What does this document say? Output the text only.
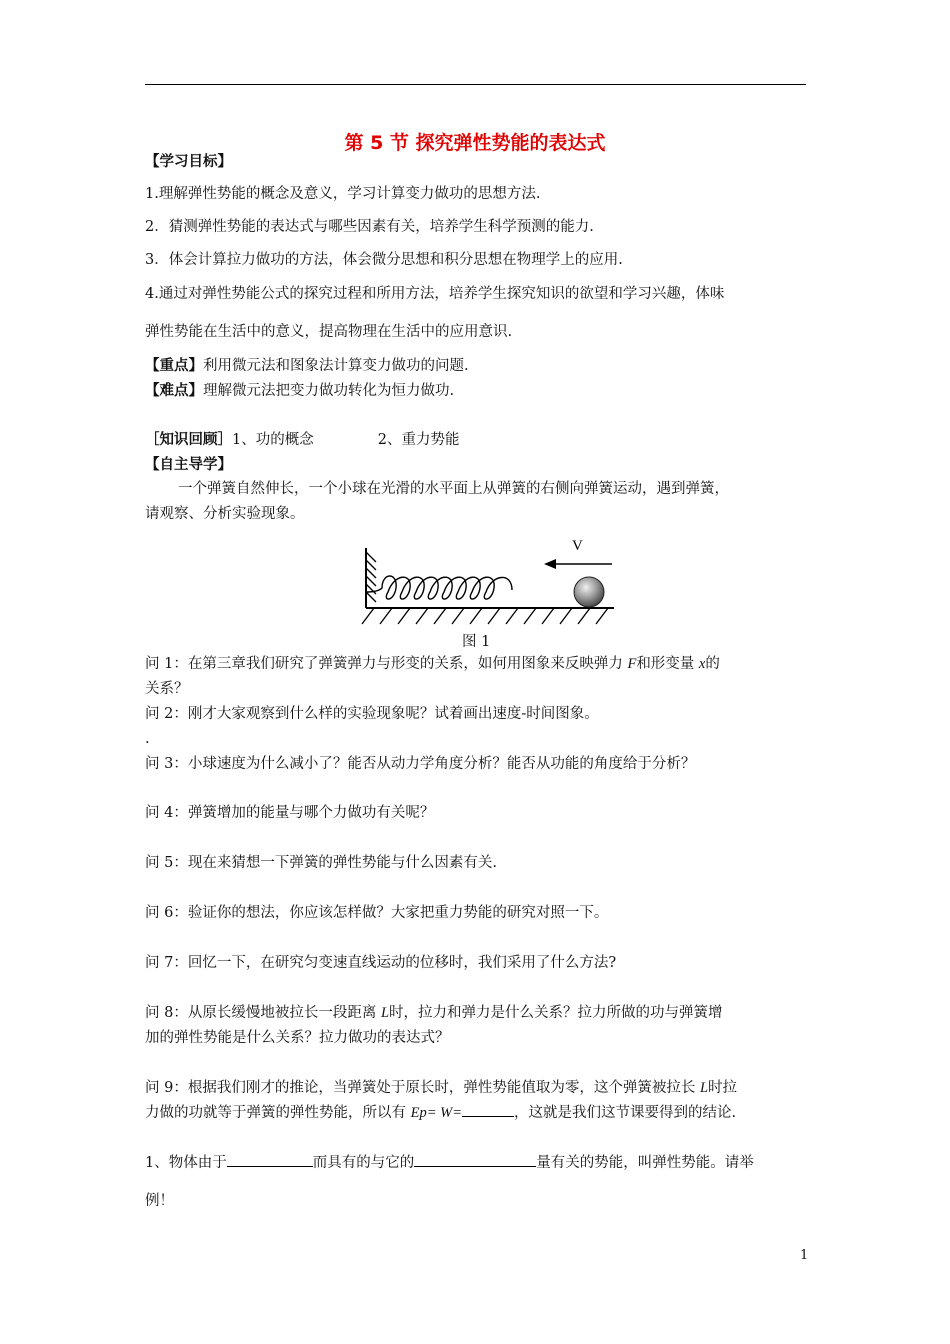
第 5 节 探究弹性势能的表达式
【学习目标】
1.理解弹性势能的概念及意义，学习计算变力做功的思想方法.
2．猜测弹性势能的表达式与哪些因素有关，培养学生科学预测的能力.
3．体会计算拉力做功的方法，体会微分思想和积分思想在物理学上的应用.
4.通过对弹性势能公式的探究过程和所用方法，培养学生探究知识的欲望和学习兴趣，体味
弹性势能在生活中的意义，提高物理在生活中的应用意识.
【重点】利用微元法和图象法计算变力做功的问题.
【难点】理解微元法把变力做功转化为恒力做功.
［知识回顾］1、功的概念	2、重力势能
【自主导学】
一个弹簧自然伸长，一个小球在光滑的水平面上从弹簧的右侧向弹簧运动，遇到弹簧，
请观察、分析实验现象。
V
图 1
问 1：在第三章我们研究了弹簧弹力与形变的关系，如何用图象来反映弹力 F和形变量 x的
关系？
问 2：刚才大家观察到什么样的实验现象呢？试着画出速度-时间图象。
.
问 3：小球速度为什么减小了？能否从动力学角度分析？能否从功能的角度给于分析？
问 4：弹簧增加的能量与哪个力做功有关呢？
问 5：现在来猜想一下弹簧的弹性势能与什么因素有关.
问 6：验证你的想法，你应该怎样做？大家把重力势能的研究对照一下。
问 7：回忆一下，在研究匀变速直线运动的位移时，我们采用了什么方法?
问 8：从原长缓慢地被拉长一段距离 L时，拉力和弹力是什么关系？拉力所做的功与弹簧增
加的弹性势能是什么关系？拉力做功的表达式？
问 9：根据我们刚才的推论，当弹簧处于原长时，弹性势能值取为零，这个弹簧被拉长 L时拉
力做的功就等于弹簧的弹性势能，所以有 Ep= W=	，这就是我们这节课要得到的结论.
1、物体由于	而具有的与它的	量有关的势能，叫弹性势能。请举
例！
1
